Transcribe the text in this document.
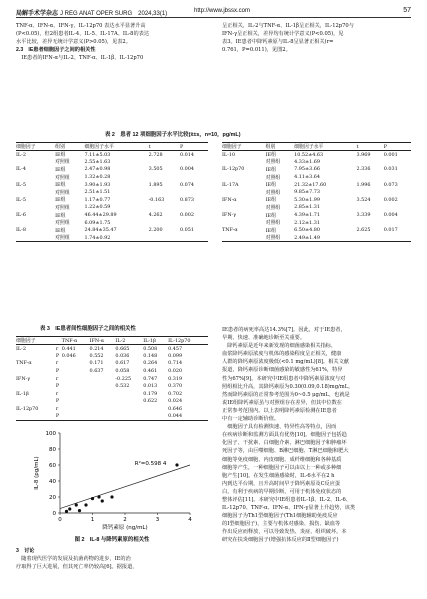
局解手术学杂志 J REG ANAT OPER SURG　 2024,33(1)	http://www.jbssx.com	57

TNF-α、IFN-α、IFN-γ、IL-12p70 表达水平显著升高

(P<0.05)，但2组患者IL-4、IL-5、IL-17A、IL-8的表达

水平比较，差异无统计学意义(P>0.05)，见表2。

2.3　IE患者细胞因子之间的相关性

　IE患者的IFN-α与IL-2、TNF-α、IL-1β、IL-12p70

呈正相关，IL-2与TNF-α、IL-1β呈正相关，IL-12p70与

IFN-γ呈正相关，差异均有统计学意义(P<0.05)，见

表3。IE患者中降钙素原与IL-8呈显著正相关(r=

0.761，P=0.011)，见图2。

表 2　患者 12 项细胞因子水平比较(x̄±s，n=10，pg/mL)
细胞因子	组别	细胞因子水平	t	P
IL-2	IE组	7.11±5.03	2.728	0.014
	对照组	2.55±1.63		
IL-4	IE组	2.47±0.98	3.505	0.004
	对照组	1.32±0.28		
IL-5	IE组	3.90±1.93	1.895	0.074
	对照组	2.51±1.51		
IL-5	IE组	1.17±0.77	-0.163	0.873
	对照组	1.22±0.59		
IL-6	IE组	46.44±29.89	4.262	0.002
	对照组	6.09±1.75		
IL-8	IE组	24.84±35.47	2.200	0.051
	对照组	1.74±0.92		
细胞因子	组别	细胞因子水平	t	P
IL-10	IE组	10.52±4.63	3.969	0.001
	对照组	4.33±1.69		
IL-12p70	IE组	7.95±3.66	2.336	0.031
	对照组	4.11±3.64		
IL-17A	IE组	21.32±17.60	1.996	0.073
	对照组	9.85±7.73		
IFN-α	IE组	5.30±1.99	3.524	0.002
	对照组	2.85±1.31		
IFN-γ	IE组	4.39±1.71	3.339	0.004
	对照组	2.12±1.31		
TNF-α	IE组	6.50±4.80	2.625	0.017
	对照组	2.49±1.49		
表 3　IE患者间性细胞因子之间的相关性
细胞因子		TNF-α	IFN-α	IL-2	IL-1β	IL-12p70
IL-2	r	0.441	0.214	0.665	0.508	0.457
	P	0.046	0.552	0.036	0.148	0.099
TNF-α	r		0.171	0.617	0.264	0.714
	P		0.637	0.058	0.461	0.020
IFN-γ	r			-0.225	0.747	0.319
	P			0.532	0.013	0.370
IL-1β	r				0.179	0.702
	P				0.622	0.024
IL-12p70	r					0.646
	P					0.044
0	1	2	3	4
0
20
40
60
80
100
R²=0.598 4
降钙素原 (ng/mL)
IL-8 (pg/mL)
图 2　IL-8 与降钙素原的相关性

3　讨论

　随着现代医学的发展及抗菌药物的进步，IE的治

疗取得了巨大进展，但其死亡率仍较高[6]。据报道，

IE患者的病死率高达14.3%[7]。因此，对于IE患者，

早期、快速、准确地诊断至关重要。

　降钙素原是近年来新发现的细菌感染相关指标，

血浆降钙素原浓度与机体的感染程度呈正相关，健康

人群的降钙素原浓度极低(<0.1 mg/mL)[8]。相关文献

报道，降钙素原诊断细菌感染的敏感性为61%，特异

性为67%[9]。本研究中IE组患者中降钙素原浓度与对

照组相比升高，其降钙素原为0.30(0.09,0.18)mg/mL，

然而降钙素原的正常参考范围为0~0.5 μg/mL，也就是

说IE组降钙素原虽与对照组存在差异，但其中位数在

正常参考范围内。以上表明降钙素原检测在IE患者

中有一定辅助诊断价值。

　细胞因子具有检测快速、特异性高等特点，因而

在疾病诊断和监测方面具有优势[10]。细胞因子包括趋

化因子、干扰素、白细胞介素、淋巴细胞因子和肿瘤坏

死因子等，由巨噬细胞、B淋巴细胞、T淋巴细胞和肥大

细胞等免疫细胞、内皮细胞、成纤维细胞和各种基质

细胞等产生，一种细胞因子可以由以上一种或多种细

胞产生[10]。在发生细菌感染时，IL-6水平在2 h

内到达平台期，且升高时间早于降钙素原及C反应蛋

白，有利于疾病的早期诊断，可用于机体免疫状态的

整体评估[11]。本研究中IE组患者IL-1β、IL-2、IL-6、

IL-12p70、TNF-α、IFN-α、IFN-γ显著上升趋势，该类

细胞因子为Th1型细胞因子(Th1细胞辅助免疫反应

的Ⅰ型细胞因子)，主要与机体对感染、损伤、缺血等

作出反应而释放，可以导致发热、炎症、组织破坏。本

研究在扶炎细胞因子(增强抗体反应的Ⅱ型细胞因子)
